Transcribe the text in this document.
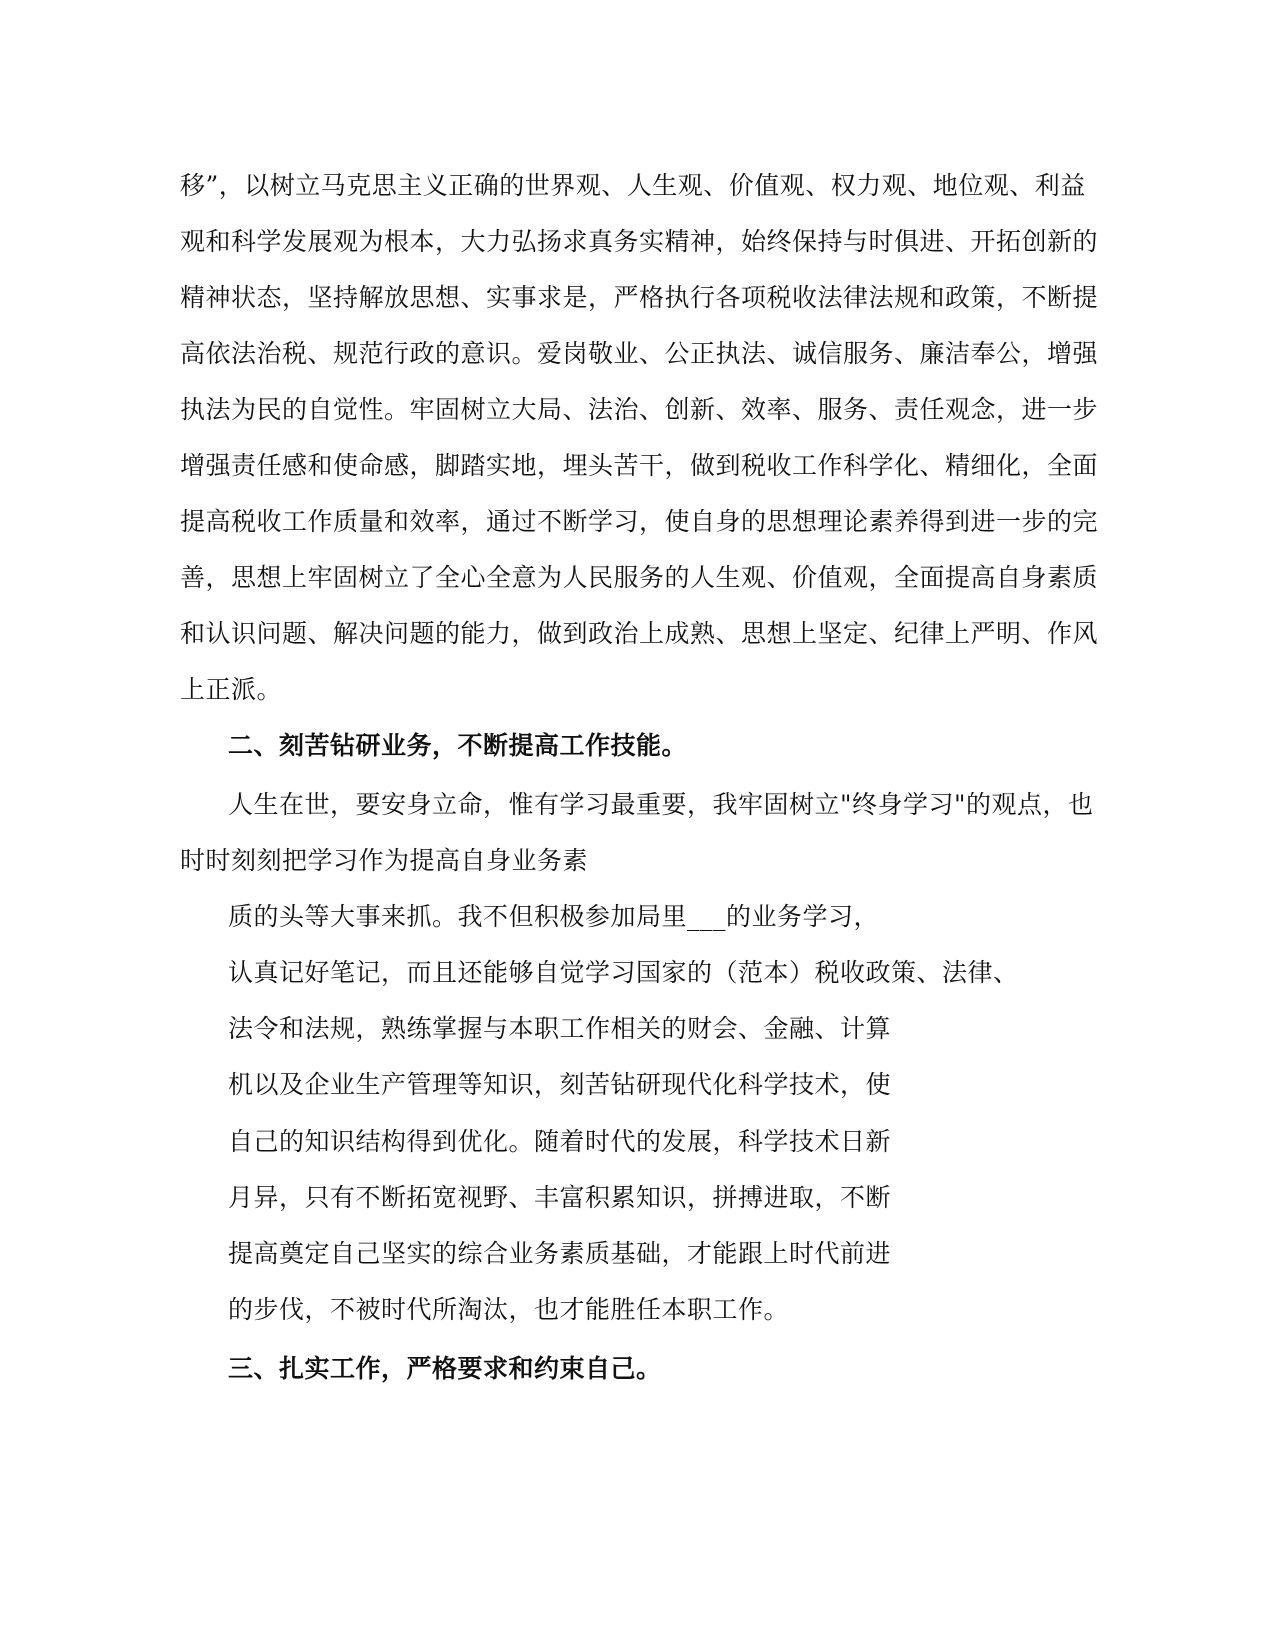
移”，以树立马克思主义正确的世界观、人生观、价值观、权力观、地位观、利益
观和科学发展观为根本，大力弘扬求真务实精神，始终保持与时俱进、开拓创新的
精神状态，坚持解放思想、实事求是，严格执行各项税收法律法规和政策，不断提
高依法治税、规范行政的意识。爱岗敬业、公正执法、诚信服务、廉洁奉公，增强
执法为民的自觉性。牢固树立大局、法治、创新、效率、服务、责任观念，进一步
增强责任感和使命感，脚踏实地，埋头苦干，做到税收工作科学化、精细化，全面
提高税收工作质量和效率，通过不断学习，使自身的思想理论素养得到进一步的完
善，思想上牢固树立了全心全意为人民服务的人生观、价值观，全面提高自身素质
和认识问题、解决问题的能力，做到政治上成熟、思想上坚定、纪律上严明、作风
上正派。
二、刻苦钻研业务，不断提高工作技能。
人生在世，要安身立命，惟有学习最重要，我牢固树立"终身学习"的观点，也
时时刻刻把学习作为提高自身业务素
质的头等大事来抓。我不但积极参加局里___的业务学习，
认真记好笔记，而且还能够自觉学习国家的（范本）税收政策、法律、
法令和法规，熟练掌握与本职工作相关的财会、金融、计算
机以及企业生产管理等知识，刻苦钻研现代化科学技术，使
自己的知识结构得到优化。随着时代的发展，科学技术日新
月异，只有不断拓宽视野、丰富积累知识，拼搏进取，不断
提高奠定自己坚实的综合业务素质基础，才能跟上时代前进
的步伐，不被时代所淘汰，也才能胜任本职工作。
三、扎实工作，严格要求和约束自己。
